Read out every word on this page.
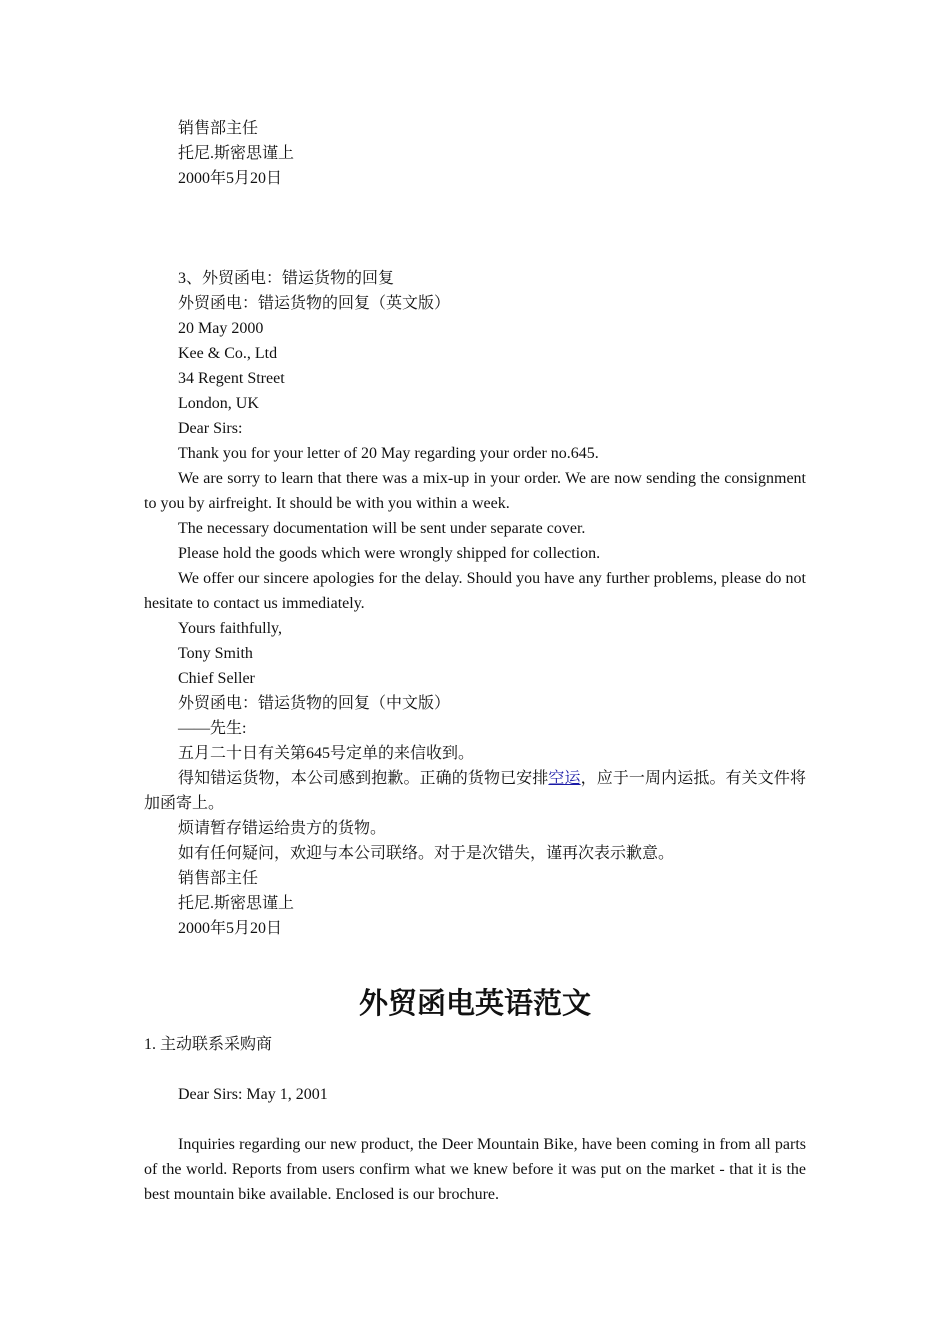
销售部主任

托尼.斯密思谨上

2000年5月20日

3、外贸函电：错运货物的回复

外贸函电：错运货物的回复（英文版）

20 May 2000

Kee & Co., Ltd

34 Regent Street

London, UK

Dear Sirs:

Thank you for your letter of 20 May regarding your order no.645.

We are sorry to learn that there was a mix-up in your order. We are now sending the consignment to you by airfreight. It should be with you within a week.

The necessary documentation will be sent under separate cover.

Please hold the goods which were wrongly shipped for collection.

We offer our sincere apologies for the delay. Should you have any further problems, please do not hesitate to contact us immediately.

Yours faithfully,

Tony Smith

Chief Seller

外贸函电：错运货物的回复（中文版）

——先生:

五月二十日有关第645号定单的来信收到。

得知错运货物，本公司感到抱歉。正确的货物已安排空运，应于一周内运抵。有关文件将加函寄上。

烦请暂存错运给贵方的货物。

如有任何疑问，欢迎与本公司联络。对于是次错失，谨再次表示歉意。

销售部主任

托尼.斯密思谨上

2000年5月20日

外贸函电英语范文

1. 主动联系采购商

Dear Sirs: May 1, 2001

Inquiries regarding our new product, the Deer Mountain Bike, have been coming in from all parts of the world. Reports from users confirm what we knew before it was put on the market - that it is the best mountain bike available. Enclosed is our brochure.
